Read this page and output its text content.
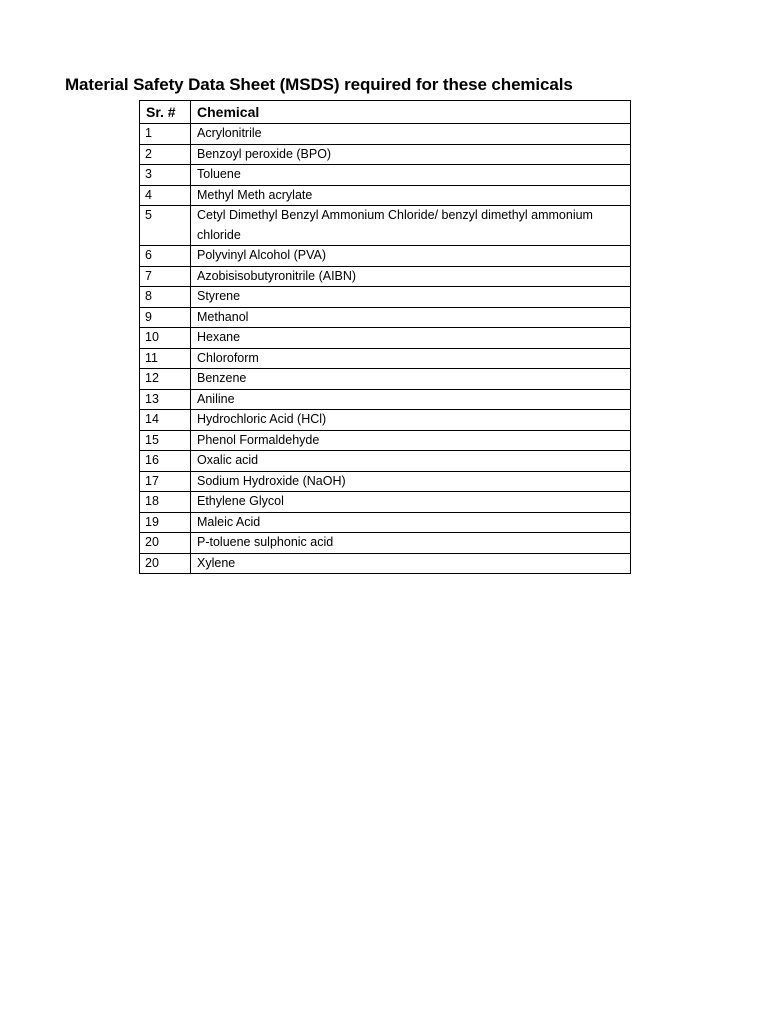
Material Safety Data Sheet (MSDS) required for these chemicals
Sr. #	Chemical
1	Acrylonitrile
2	Benzoyl peroxide (BPO)
3	Toluene
4	Methyl Meth acrylate
5	Cetyl Dimethyl Benzyl Ammonium Chloride/ benzyl dimethyl ammonium chloride
6	Polyvinyl Alcohol (PVA)
7	Azobisisobutyronitrile (AIBN)
8	Styrene
9	Methanol
10	Hexane
11	Chloroform
12	Benzene
13	Aniline
14	Hydrochloric Acid (HCl)
15	Phenol Formaldehyde
16	Oxalic acid
17	Sodium Hydroxide (NaOH)
18	Ethylene Glycol
19	Maleic Acid
20	P-toluene sulphonic acid
20	Xylene
